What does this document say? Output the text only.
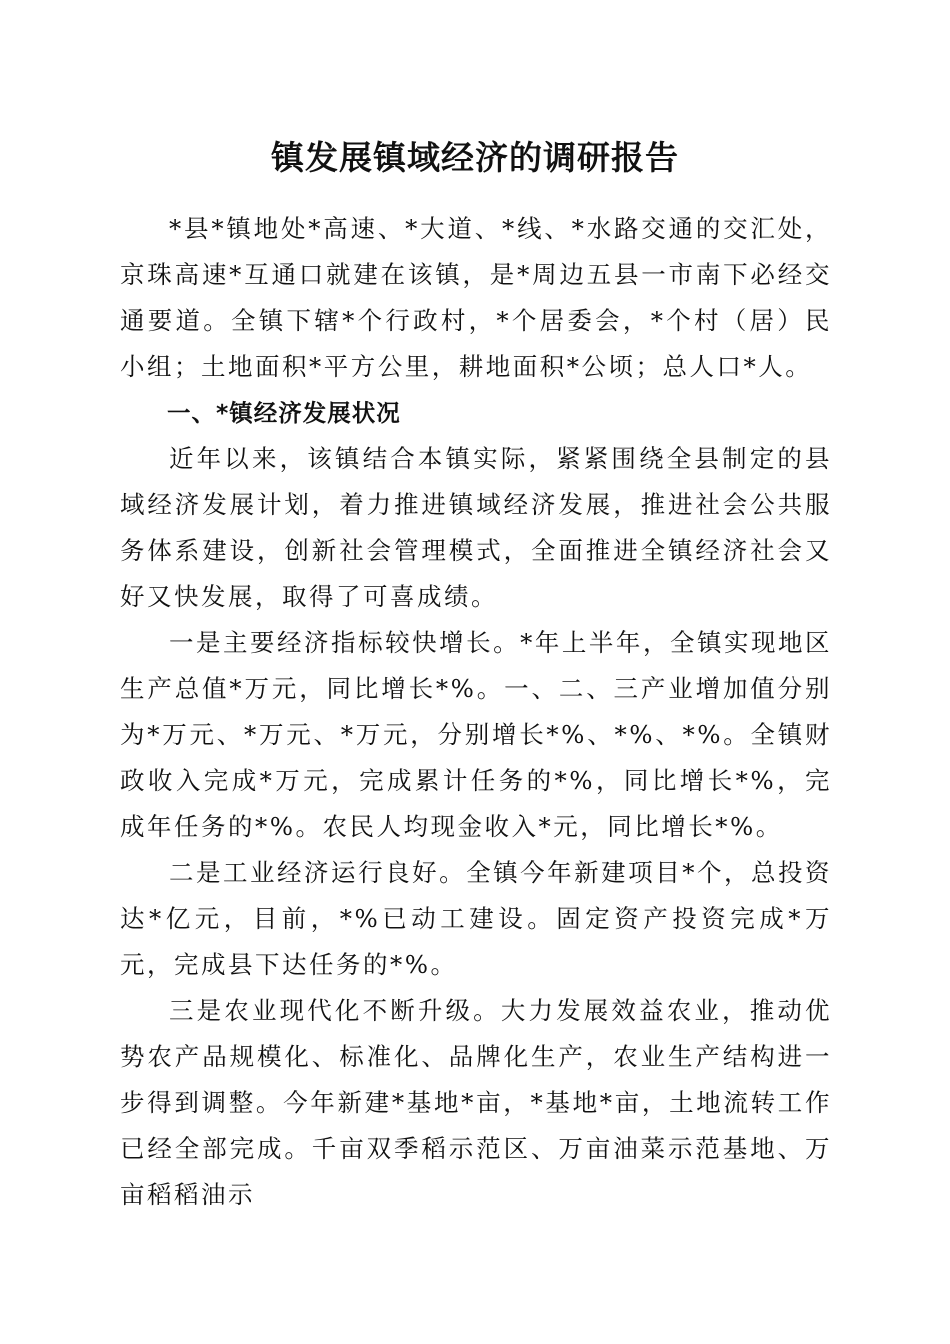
镇发展镇域经济的调研报告

*县*镇地处*高速、*大道、*线、*水路交通的交汇处，京珠高速*互通口就建在该镇，是*周边五县一市南下必经交通要道。全镇下辖*个行政村，*个居委会，*个村（居）民小组；土地面积*平方公里，耕地面积*公顷；总人口*人。

一、*镇经济发展状况

近年以来，该镇结合本镇实际，紧紧围绕全县制定的县域经济发展计划，着力推进镇域经济发展，推进社会公共服务体系建设，创新社会管理模式，全面推进全镇经济社会又好又快发展，取得了可喜成绩。

一是主要经济指标较快增长。*年上半年，全镇实现地区生产总值*万元，同比增长*%。一、二、三产业增加值分别为*万元、*万元、*万元，分别增长*%、*%、*%。全镇财政收入完成*万元，完成累计任务的*%，同比增长*%，完成年任务的*%。农民人均现金收入*元，同比增长*%。

二是工业经济运行良好。全镇今年新建项目*个，总投资达*亿元，目前，*%已动工建设。固定资产投资完成*万元，完成县下达任务的*%。

三是农业现代化不断升级。大力发展效益农业，推动优势农产品规模化、标准化、品牌化生产，农业生产结构进一步得到调整。今年新建*基地*亩，*基地*亩，土地流转工作已经全部完成。千亩双季稻示范区、万亩油菜示范基地、万亩稻稻油示
